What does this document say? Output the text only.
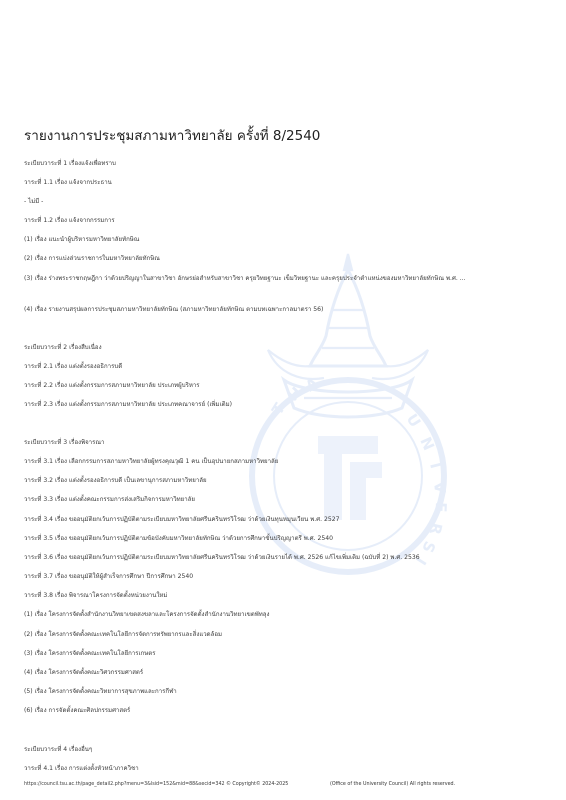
U
N
I
V
E
R
S
I
T
H
A
รายงานการประชุมสภามหาวิทยาลัย ครั้งที่ 8/2540
ระเบียบวาระที่ 1 เรื่องแจ้งเพื่อทราบ
วาระที่ 1.1 เรื่อง แจ้งจากประธาน
- ไม่มี -
วาระที่ 1.2 เรื่อง แจ้งจากกรรมการ
(1) เรื่อง แนะนำผู้บริหารมหาวิทยาลัยทักษิณ
(2) เรื่อง การแบ่งส่วนราชการในมหาวิทยาลัยทักษิณ
(3) เรื่อง ร่างพระราชกฤษฎีกา ว่าด้วยปริญญาในสาขาวิชา อักษรย่อสำหรับสาขาวิชา ครุยวิทยฐานะ เข็มวิทยฐานะ และครุยประจำตำแหน่งของมหาวิทยาลัยทักษิณ พ.ศ. ...
(4) เรื่อง รายงานสรุปผลการประชุมสภามหาวิทยาลัยทักษิณ (สภามหาวิทยาลัยทักษิณ ตามบทเฉพาะกาลมาตรา 56)
ระเบียบวาระที่ 2 เรื่องสืบเนื่อง
วาระที่ 2.1 เรื่อง แต่งตั้งรองอธิการบดี
วาระที่ 2.2 เรื่อง แต่งตั้งกรรมการสภามหาวิทยาลัย ประเภทผู้บริหาร
วาระที่ 2.3 เรื่อง แต่งตั้งกรรมการสภามหาวิทยาลัย ประเภทคณาจารย์ (เพิ่มเติม)
ระเบียบวาระที่ 3 เรื่องพิจารณา
วาระที่ 3.1 เรื่อง เลือกกรรมการสภามหาวิทยาลัยผู้ทรงคุณวุฒิ 1 คน เป็นอุปนายกสภามหาวิทยาลัย
วาระที่ 3.2 เรื่อง แต่งตั้งรองอธิการบดี เป็นเลขานุการสภามหาวิทยาลัย
วาระที่ 3.3 เรื่อง แต่งตั้งคณะกรรมการส่งเสริมกิจการมหาวิทยาลัย
วาระที่ 3.4 เรื่อง ขออนุมัติยกเว้นการปฏิบัติตามระเบียบมหาวิทยาลัยศรีนครินทรวิโรฒ ว่าด้วยเงินทุนหมุนเวียน พ.ศ. 2527
วาระที่ 3.5 เรื่อง ขออนุมัติยกเว้นการปฏิบัติตามข้อบังคับมหาวิทยาลัยทักษิณ ว่าด้วยการศึกษาขั้นปริญญาตรี พ.ศ. 2540
วาระที่ 3.6 เรื่อง ขออนุมัติยกเว้นการปฏิบัติตามระเบียบมหาวิทยาลัยศรีนครินทรวิโรฒ ว่าด้วยเงินรายได้ พ.ศ. 2526 แก้ไขเพิ่มเติม (ฉบับที่ 2) พ.ศ. 2536
วาระที่ 3.7 เรื่อง ขออนุมัติให้ผู้สำเร็จการศึกษา ปีการศึกษา 2540
วาระที่ 3.8 เรื่อง พิจารณาโครงการจัดตั้งหน่วยงานใหม่
(1) เรื่อง โครงการจัดตั้งสำนักงานวิทยาเขตสงขลาและโครงการจัดตั้งสำนักงานวิทยาเขตพัทลุง
(2) เรื่อง โครงการจัดตั้งคณะเทคโนโลยีการจัดการทรัพยากรและสิ่งแวดล้อม
(3) เรื่อง โครงการจัดตั้งคณะเทคโนโลยีการเกษตร
(4) เรื่อง โครงการจัดตั้งคณะวิศวกรรมศาสตร์
(5) เรื่อง โครงการจัดตั้งคณะวิทยาการสุขภาพและการกีฬา
(6) เรื่อง การจัดตั้งคณะศิลปกรรมศาสตร์
ระเบียบวาระที่ 4 เรื่องอื่นๆ
วาระที่ 4.1 เรื่อง การแต่งตั้งหัวหน้าภาควิชา
https://council.tsu.ac.th/page_detail2.php?menu=3&lsid=152&mid=88&secid=342 © Copyright© 2024-2025	(Office of the University Council) All rights reserved.
